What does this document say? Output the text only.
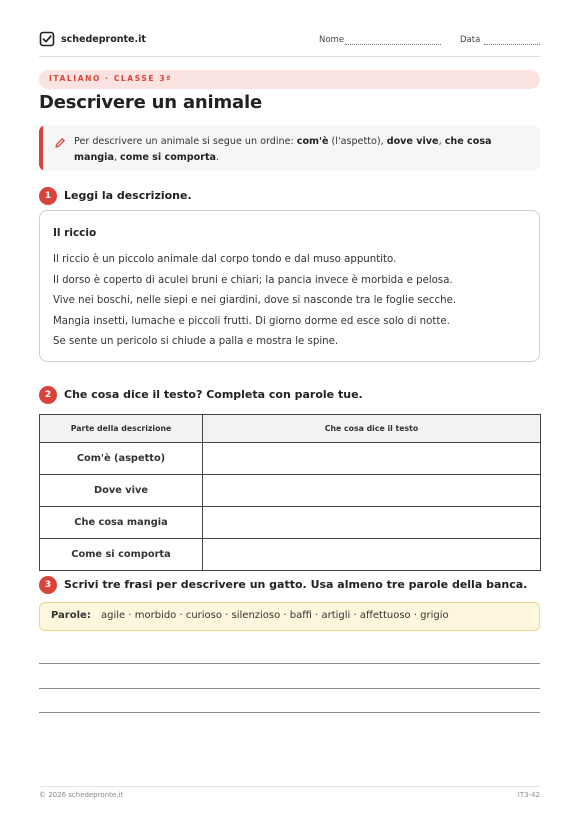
schedepronte.it	Nome	Data
ITALIANO · CLASSE 3ª
Descrivere un animale
Per descrivere un animale si segue un ordine: com'è (l'aspetto), dove vive, che cosa mangia, come si comporta.
1	Leggi la descrizione.
Il riccio
Il riccio è un piccolo animale dal corpo tondo e dal muso appuntito.
Il dorso è coperto di aculei bruni e chiari; la pancia invece è morbida e pelosa.
Vive nei boschi, nelle siepi e nei giardini, dove si nasconde tra le foglie secche.
Mangia insetti, lumache e piccoli frutti. Di giorno dorme ed esce solo di notte.
Se sente un pericolo si chiude a palla e mostra le spine.
2	Che cosa dice il testo? Completa con parole tue.
Parte della descrizione	Che cosa dice il testo
Com'è (aspetto)	
Dove vive	
Che cosa mangia	
Come si comporta	
3	Scrivi tre frasi per descrivere un gatto. Usa almeno tre parole della banca.
Parole: agile · morbido · curioso · silenzioso · baffi · artigli · affettuoso · grigio
© 2026 schedepronte.it	IT3-42
